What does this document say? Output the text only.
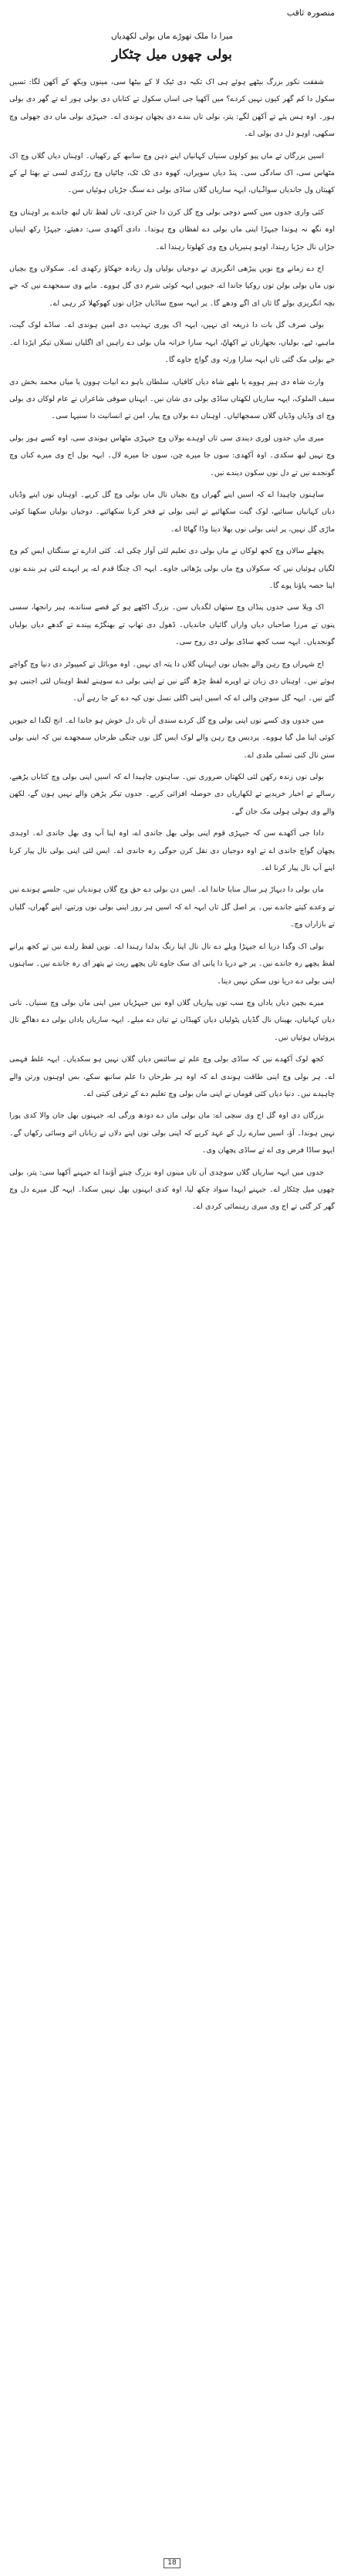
منصورہ ثاقب
میرا دا ملک تھوڑے ماں بولی لکھدیاں
بولی چھوں میل چٹکار

شفقت نکور بزرگ بیٹھے ہوئے ہی اک تکیہ دی ٹیک لا کے بیٹھا سی، مینوں ویکھ کے آکھن لگا: تسیں سکول دا کم گھر کیوں نہیں کردے؟ میں آکھیا جی اساں سکول تے کتاباں دی بولی ہور اے تے گھر دی بولی ہور۔ اوہ ہس پئے تے آکھن لگے: پتر، بولی تاں بندے دی پچھان ہوندی اے۔ جیہڑی بولی ماں دی جھولی وچ سکھی، اوہو دل دی بولی اے۔

اسیں بزرگاں تے ماں پیو کولوں سنیاں کہانیاں اپنے ذہن وچ سانبھ کے رکھیاں۔ اوہناں دیاں گلاں وچ اک مٹھاس سی، اک سادگی سی۔ پنڈ دیاں سویراں، کھوہ دی ٹک ٹک، چاٹیاں وچ رڑکدی لسی تے بھتا لے کے کھیتاں ول جاندیاں سواݨیاں، ایہہ ساریاں گلاں ساڈی بولی دے سنگ جڑیاں ہوئیاں سن۔

کئی واری جدوں میں کسے دوجی بولی وچ گل کرن دا جتن کردی، تاں لفظ تاں لبھ جاندے پر اوہناں وچ اوہ نگھ نہ ہوندا جیہڑا اپنی ماں بولی دے لفظاں وچ ہوندا۔ دادی آکھدی سی: دھیئے، جیہڑا رکھ اپنیاں جڑاں نال جڑیا رہندا، اوہو ہنیریاں وچ وی کھلوتا رہندا اے۔

اج دے زمانے وچ نویں پیڑھی انگریزی تے دوجیاں بولیاں ول زیادہ جھکاؤ رکھدی اے۔ سکولاں وچ بچیاں نوں ماں بولی بولن توں روکیا جاندا اے، جیویں ایہہ کوئی شرم دی گل ہووے۔ ماپے وی سمجھدے نیں کہ جے بچہ انگریزی بولے گا تاں ای اگے ودھے گا۔ پر ایہہ سوچ ساڈیاں جڑاں نوں کھوکھلا کر رہی اے۔

بولی صرف گل بات دا ذریعہ ای نہیں، ایہہ اک پوری تہذیب دی امین ہوندی اے۔ ساڈے لوک گیت، ماہیے، ٹپے، بولیاں، بجھارتاں تے اکھاݨ، ایہہ سارا خزانہ ماں بولی دے راہیں ای اگلیاں نسلاں تیکر اپڑدا اے۔ جے بولی مک گئی تاں ایہہ سارا ورثہ وی گواچ جاوے گا۔

وارث شاہ دی ہیر ہووے یا بلھے شاہ دیاں کافیاں، سلطان باہو دے ابیات ہوون یا میاں محمد بخش دی سیف الملوک، ایہہ ساریاں لکھتاں ساڈی بولی دی شان نیں۔ ایہناں صوفی شاعراں نے عام لوکاں دی بولی وچ ای وڈیاں وڈیاں گلاں سمجھائیاں۔ اوہناں دے بولاں وچ پیار، امن تے انسانیت دا سنیہا سی۔

میری ماں جدوں لوری دیندی سی تاں اوہدے بولاں وچ جیہڑی مٹھاس ہوندی سی، اوہ کسے ہور بولی وچ نہیں لبھ سکدی۔ اوہ آکھدی: سوں جا میرے چن، سوں جا میرے لال۔ ایہہ بول اج وی میرے کناں وچ گونجدے نیں تے دل نوں سکون دیندے نیں۔

ساہنوں چاہیدا اے کہ اسیں اپنے گھراں وچ بچیاں نال ماں بولی وچ گل کریے۔ اوہناں نوں اپنے وڈیاں دیاں کہانیاں سنائیے، لوک گیت سکھائیے تے اپنی بولی تے فخر کرنا سکھائیے۔ دوجیاں بولیاں سکھنا کوئی ماڑی گل نہیں، پر اپنی بولی نوں بھلا دینا وڈا گھاٹا اے۔

پچھلے سالاں وچ کجھ لوکاں نے ماں بولی دی تعلیم لئی آواز چکی اے۔ کئی ادارے تے سنگتاں ایس کم وچ لگیاں ہوئیاں نیں کہ سکولاں وچ ماں بولی پڑھائی جاوے۔ ایہہ اک چنگا قدم اے، پر ایہدے لئی ہر بندے نوں اپنا حصہ پاؤنا پوے گا۔

اک ویلا سی جدوں پنڈاں وچ ستھاں لگدیاں سن۔ بزرگ اکٹھے ہو کے قصے سناندے، ہیر رانجھا، سسی پنوں تے مرزا صاحباں دیاں واراں گائیاں جاندیاں۔ ڈھول دی تھاپ تے بھنگڑے پیندے تے گدھے دیاں بولیاں گونجدیاں۔ ایہہ سب کجھ ساڈی بولی دی روح سی۔

اج شہراں وچ رہن والے بچیاں نوں ایہناں گلاں دا پتہ ای نہیں۔ اوہ موبائل تے کمپیوٹر دی دنیا وچ گواچے ہوئے نیں۔ اوہناں دی زبان تے اوپرے لفظ چڑھ گئے نیں تے اپنی بولی دے سوہنے لفظ اوہناں لئی اجنبی ہو گئے نیں۔ ایہہ گل سوچن والی اے کہ اسیں اپنی اگلی نسل نوں کیہ دے کے جا رہے آں۔

میں جدوں وی کسے نوں اپنی بولی وچ گل کردے سندی آں تاں دل خوش ہو جاندا اے۔ انج لگدا اے جیویں کوئی اپنا مل گیا ہووے۔ پردیس وچ رہن والے لوک ایس گل نوں چنگی طرحاں سمجھدے نیں کہ اپنی بولی سنن نال کنی تسلی ملدی اے۔

بولی نوں زندہ رکھن لئی لکھتاں ضروری نیں۔ ساہنوں چاہیدا اے کہ اسیں اپنی بولی وچ کتاباں پڑھیے، رسالے تے اخبار خریدیے تے لکھاریاں دی حوصلہ افزائی کریے۔ جدوں تیکر پڑھن والے نہیں ہون گے، لکھن والے وی ہولی ہولی مک جان گے۔

دادا جی آکھدے سن کہ جیہڑی قوم اپنی بولی بھل جاندی اے، اوہ اپنا آپ وی بھل جاندی اے۔ اوہدی پچھان گواچ جاندی اے تے اوہ دوجیاں دی نقل کرن جوگی رہ جاندی اے۔ ایس لئی اپنی بولی نال پیار کرنا اپنے آپ نال پیار کرنا اے۔

ماں بولی دا دیہاڑ ہر سال منایا جاندا اے۔ ایس دن بولی دے حق وچ گلاں ہوندیاں نیں، جلسے ہوندے نیں تے وعدے کیتے جاندے نیں۔ پر اصل گل تاں ایہہ اے کہ اسیں ہر روز اپنی بولی نوں ورتیے، اپنے گھراں، گلیاں تے بازاراں وچ۔

بولی اک وگدا دریا اے جیہڑا ویلے دے نال نال اپنا رنگ بدلدا رہندا اے۔ نویں لفظ رلدے نیں تے کجھ پرانے لفظ پچھے رہ جاندے نیں۔ پر جے دریا دا پانی ای سک جاوے تاں پچھے ریت تے پتھر ای رہ جاندے نیں۔ ساہنوں اپنی بولی دے دریا نوں سکن نہیں دینا۔

میرے بچپن دیاں یاداں وچ سب توں پیاریاں گلاں اوہ نیں جیہڑیاں میں اپنی ماں بولی وچ سنیاں۔ نانی دیاں کہانیاں، بھیناں نال گڈیاں پٹولیاں دیاں کھیڈاں تے تیاں دے میلے۔ ایہہ ساریاں یاداں بولی دے دھاگے نال پروئیاں ہوئیاں نیں۔

کجھ لوک آکھدے نیں کہ ساڈی بولی وچ علم تے سائنس دیاں گلاں نہیں ہو سکدیاں۔ ایہہ غلط فہمی اے۔ ہر بولی وچ اینی طاقت ہوندی اے کہ اوہ ہر طرحاں دا علم سانبھ سکے، بس اوہنوں ورتن والے چاہیدے نیں۔ دنیا دیاں کئی قوماں نے اپنی ماں بولی وچ تعلیم دے کے ترقی کیتی اے۔

بزرگاں دی اوہ گل اج وی سچی اے: ماں بولی ماں دے دودھ ورگی اے، جیہنوں بھل جان والا کدی پورا نہیں ہوندا۔ آؤ، اسیں سارے رل کے عہد کریے کہ اپنی بولی نوں اپنے دلاں تے زباناں اتے وسائی رکھاں گے۔ ایہو ساڈا فرض وی اے تے ساڈی پچھان وی۔

جدوں میں ایہہ ساریاں گلاں سوچدی آں تاں مینوں اوہ بزرگ چیتے آؤندا اے جیہنے آکھیا سی: پتر، بولی چھوں میل چٹکار اے۔ جیہنے ایہدا سواد چکھ لیا، اوہ کدی ایہنوں بھل نہیں سکدا۔ ایہہ گل میرے دل وچ گھر کر گئی تے اج وی میری رہنمائی کردی اے۔

18
